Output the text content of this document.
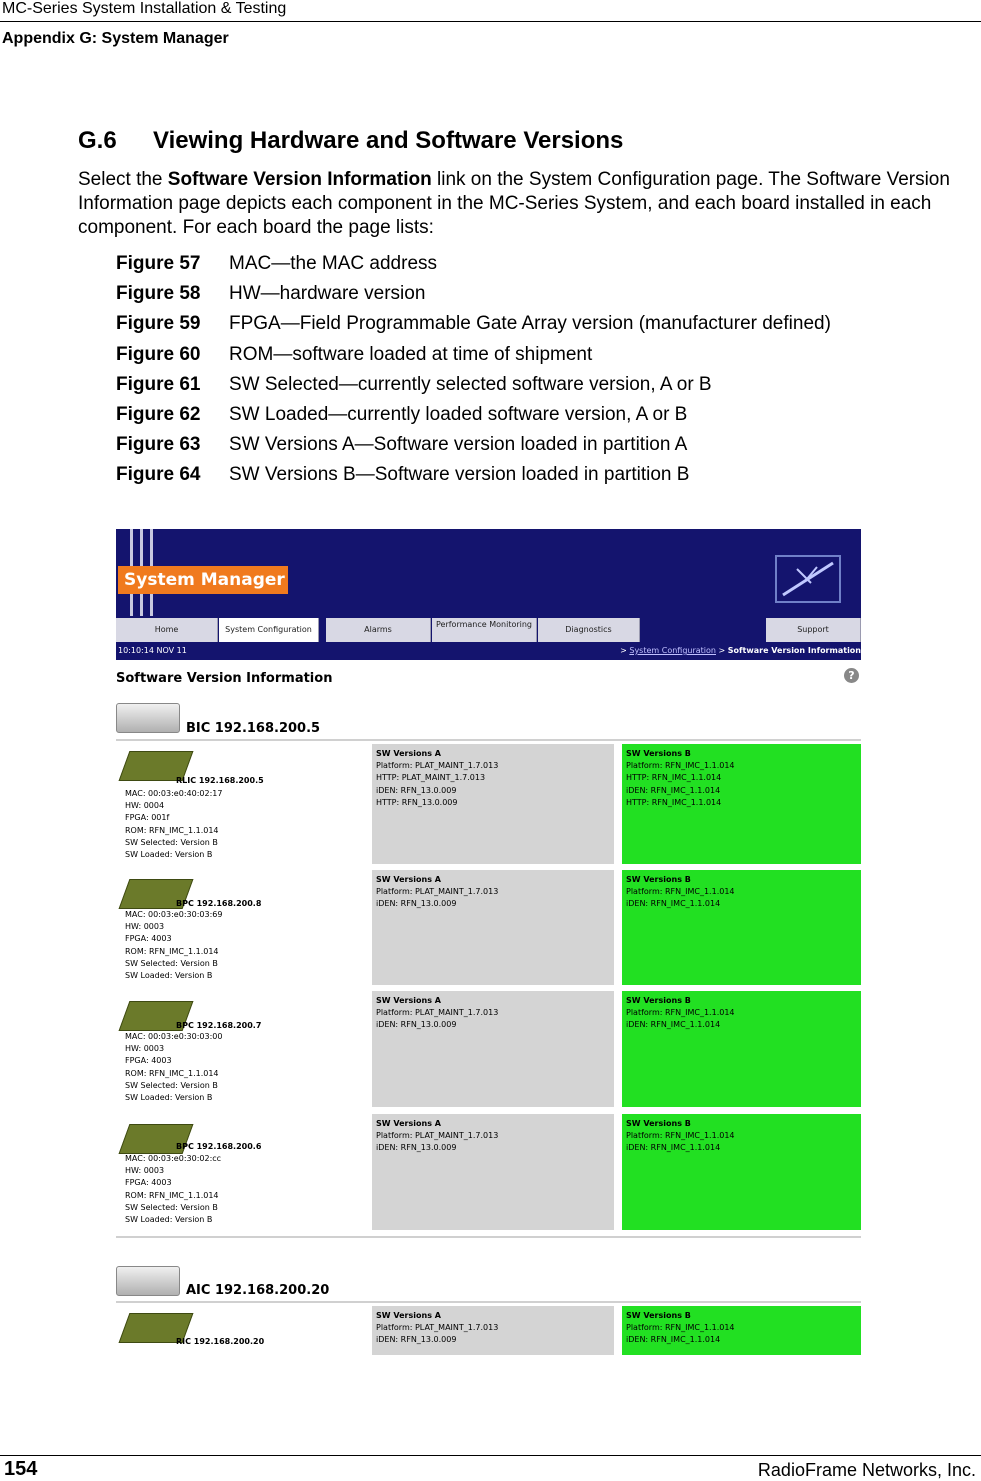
MC-Series System Installation & Testing
Appendix G: System Manager
G.6 Viewing Hardware and Software Versions
Select the Software Version Information link on the System Configuration page. The Software Version Information page depicts each component in the MC-Series System, and each board installed in each component. For each board the page lists:
Figure 57 MAC—the MAC address
Figure 58 HW—hardware version
Figure 59 FPGA—Field Programmable Gate Array version (manufacturer defined)
Figure 60 ROM—software loaded at time of shipment
Figure 61 SW Selected—currently selected software version, A or B
Figure 62 SW Loaded—currently loaded software version, A or B
Figure 63 SW Versions A—Software version loaded in partition A
Figure 64 SW Versions B—Software version loaded in partition B
System Manager
Home	System Configuration	Alarms
Performance Monitoring
Diagnostics	Support
10:10:14 NOV 11	> System Configuration > Software Version Information
Software Version Information	?
BIC 192.168.200.5
RLIC 192.168.200.5
MAC: 00:03:e0:40:02:17
HW: 0004
FPGA: 001f
ROM: RFN_IMC_1.1.014
SW Selected: Version B
SW Loaded: Version B
SW Versions A
Platform: PLAT_MAINT_1.7.013
HTTP: PLAT_MAINT_1.7.013
iDEN: RFN_13.0.009
HTTP: RFN_13.0.009
SW Versions B
Platform: RFN_IMC_1.1.014
HTTP: RFN_IMC_1.1.014
iDEN: RFN_IMC_1.1.014
HTTP: RFN_IMC_1.1.014
BPC 192.168.200.8
MAC: 00:03:e0:30:03:69
HW: 0003
FPGA: 4003
ROM: RFN_IMC_1.1.014
SW Selected: Version B
SW Loaded: Version B
SW Versions A
Platform: PLAT_MAINT_1.7.013
iDEN: RFN_13.0.009
SW Versions B
Platform: RFN_IMC_1.1.014
iDEN: RFN_IMC_1.1.014
BPC 192.168.200.7
MAC: 00:03:e0:30:03:00
HW: 0003
FPGA: 4003
ROM: RFN_IMC_1.1.014
SW Selected: Version B
SW Loaded: Version B
SW Versions A
Platform: PLAT_MAINT_1.7.013
iDEN: RFN_13.0.009
SW Versions B
Platform: RFN_IMC_1.1.014
iDEN: RFN_IMC_1.1.014
BPC 192.168.200.6
MAC: 00:03:e0:30:02:cc
HW: 0003
FPGA: 4003
ROM: RFN_IMC_1.1.014
SW Selected: Version B
SW Loaded: Version B
SW Versions A
Platform: PLAT_MAINT_1.7.013
iDEN: RFN_13.0.009
SW Versions B
Platform: RFN_IMC_1.1.014
iDEN: RFN_IMC_1.1.014
AIC 192.168.200.20
RIC 192.168.200.20
SW Versions A
Platform: PLAT_MAINT_1.7.013
iDEN: RFN_13.0.009
SW Versions B
Platform: RFN_IMC_1.1.014
iDEN: RFN_IMC_1.1.014
154	RadioFrame Networks, Inc.
